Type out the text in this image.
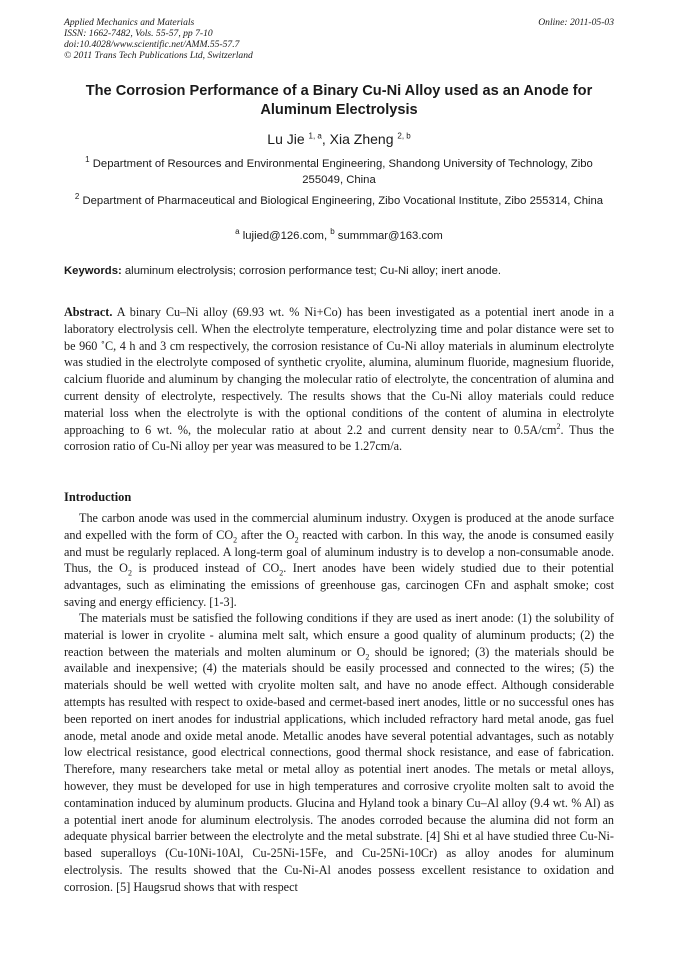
Applied Mechanics and Materials
ISSN: 1662-7482, Vols. 55-57, pp 7-10
doi:10.4028/www.scientific.net/AMM.55-57.7
© 2011 Trans Tech Publications Ltd, Switzerland
Online: 2011-05-03
The Corrosion Performance of a Binary Cu-Ni Alloy used as an Anode for Aluminum Electrolysis
Lu Jie $^{1, a}$, Xia Zheng $^{2, b}$
$^1$ Department of Resources and Environmental Engineering, Shandong University of Technology, Zibo 255049, China
$^2$ Department of Pharmaceutical and Biological Engineering, Zibo Vocational Institute, Zibo 255314, China
$^a$ lujied@126.com, $^b$ summmar@163.com
Keywords: aluminum electrolysis; corrosion performance test; Cu-Ni alloy; inert anode.

Abstract. A binary Cu–Ni alloy (69.93 wt. % Ni+Co) has been investigated as a potential inert anode in a laboratory electrolysis cell. When the electrolyte temperature, electrolyzing time and polar distance were set to be 960 ˚C, 4 h and 3 cm respectively, the corrosion resistance of Cu-Ni alloy materials in aluminum electrolyte was studied in the electrolyte composed of synthetic cryolite, alumina, aluminum fluoride, magnesium fluoride, calcium fluoride and aluminum by changing the molecular ratio of electrolyte, the concentration of alumina and current density of electrolyte, respectively. The results shows that the Cu-Ni alloy materials could reduce material loss when the electrolyte is with the optional conditions of the content of alumina in electrolyte approaching to 6 wt. %, the molecular ratio at about 2.2 and current density near to $0.5A/cm^2$. Thus the corrosion ratio of Cu-Ni alloy per year was measured to be 1.27cm/a.

Introduction

The carbon anode was used in the commercial aluminum industry. Oxygen is produced at the anode surface and expelled with the form of $CO_2$ after the $O_2$ reacted with carbon. In this way, the anode is consumed easily and must be regularly replaced. A long-term goal of aluminum industry is to develop a non-consumable anode. Thus, the $O_2$ is produced instead of $CO_2$. Inert anodes have been widely studied due to their potential advantages, such as eliminating the emissions of greenhouse gas, carcinogen CFn and asphalt smoke; cost saving and energy efficiency. [1-3].

The materials must be satisfied the following conditions if they are used as inert anode: (1) the solubility of material is lower in cryolite - alumina melt salt, which ensure a good quality of aluminum products; (2) the reaction between the materials and molten aluminum or $O_2$ should be ignored; (3) the materials should be available and inexpensive; (4) the materials should be easily processed and connected to the wires; (5) the materials should be well wetted with cryolite molten salt, and have no anode effect. Although considerable attempts has resulted with respect to oxide-based and cermet-based inert anodes, little or no successful ones has been reported on inert anodes for industrial applications, which included refractory hard metal anode, gas fuel anode, metal anode and oxide metal anode. Metallic anodes have several potential advantages, such as notably low electrical resistance, good electrical connections, good thermal shock resistance, and ease of fabrication. Therefore, many researchers take metal or metal alloy as potential inert anodes. The metals or metal alloys, however, they must be developed for use in high temperatures and corrosive cryolite molten salt to avoid the contamination induced by aluminum products. Glucina and Hyland took a binary Cu–Al alloy (9.4 wt. % Al) as a potential inert anode for aluminum electrolysis. The anodes corroded because the alumina did not form an adequate physical barrier between the electrolyte and the metal substrate. [4] Shi et al have studied three Cu-Ni-based superalloys (Cu-10Ni-10Al, Cu-25Ni-15Fe, and Cu-25Ni-10Cr) as alloy anodes for aluminum electrolysis. The results showed that the Cu-Ni-Al anodes possess excellent resistance to oxidation and corrosion. [5] Haugsrud shows that with respect
